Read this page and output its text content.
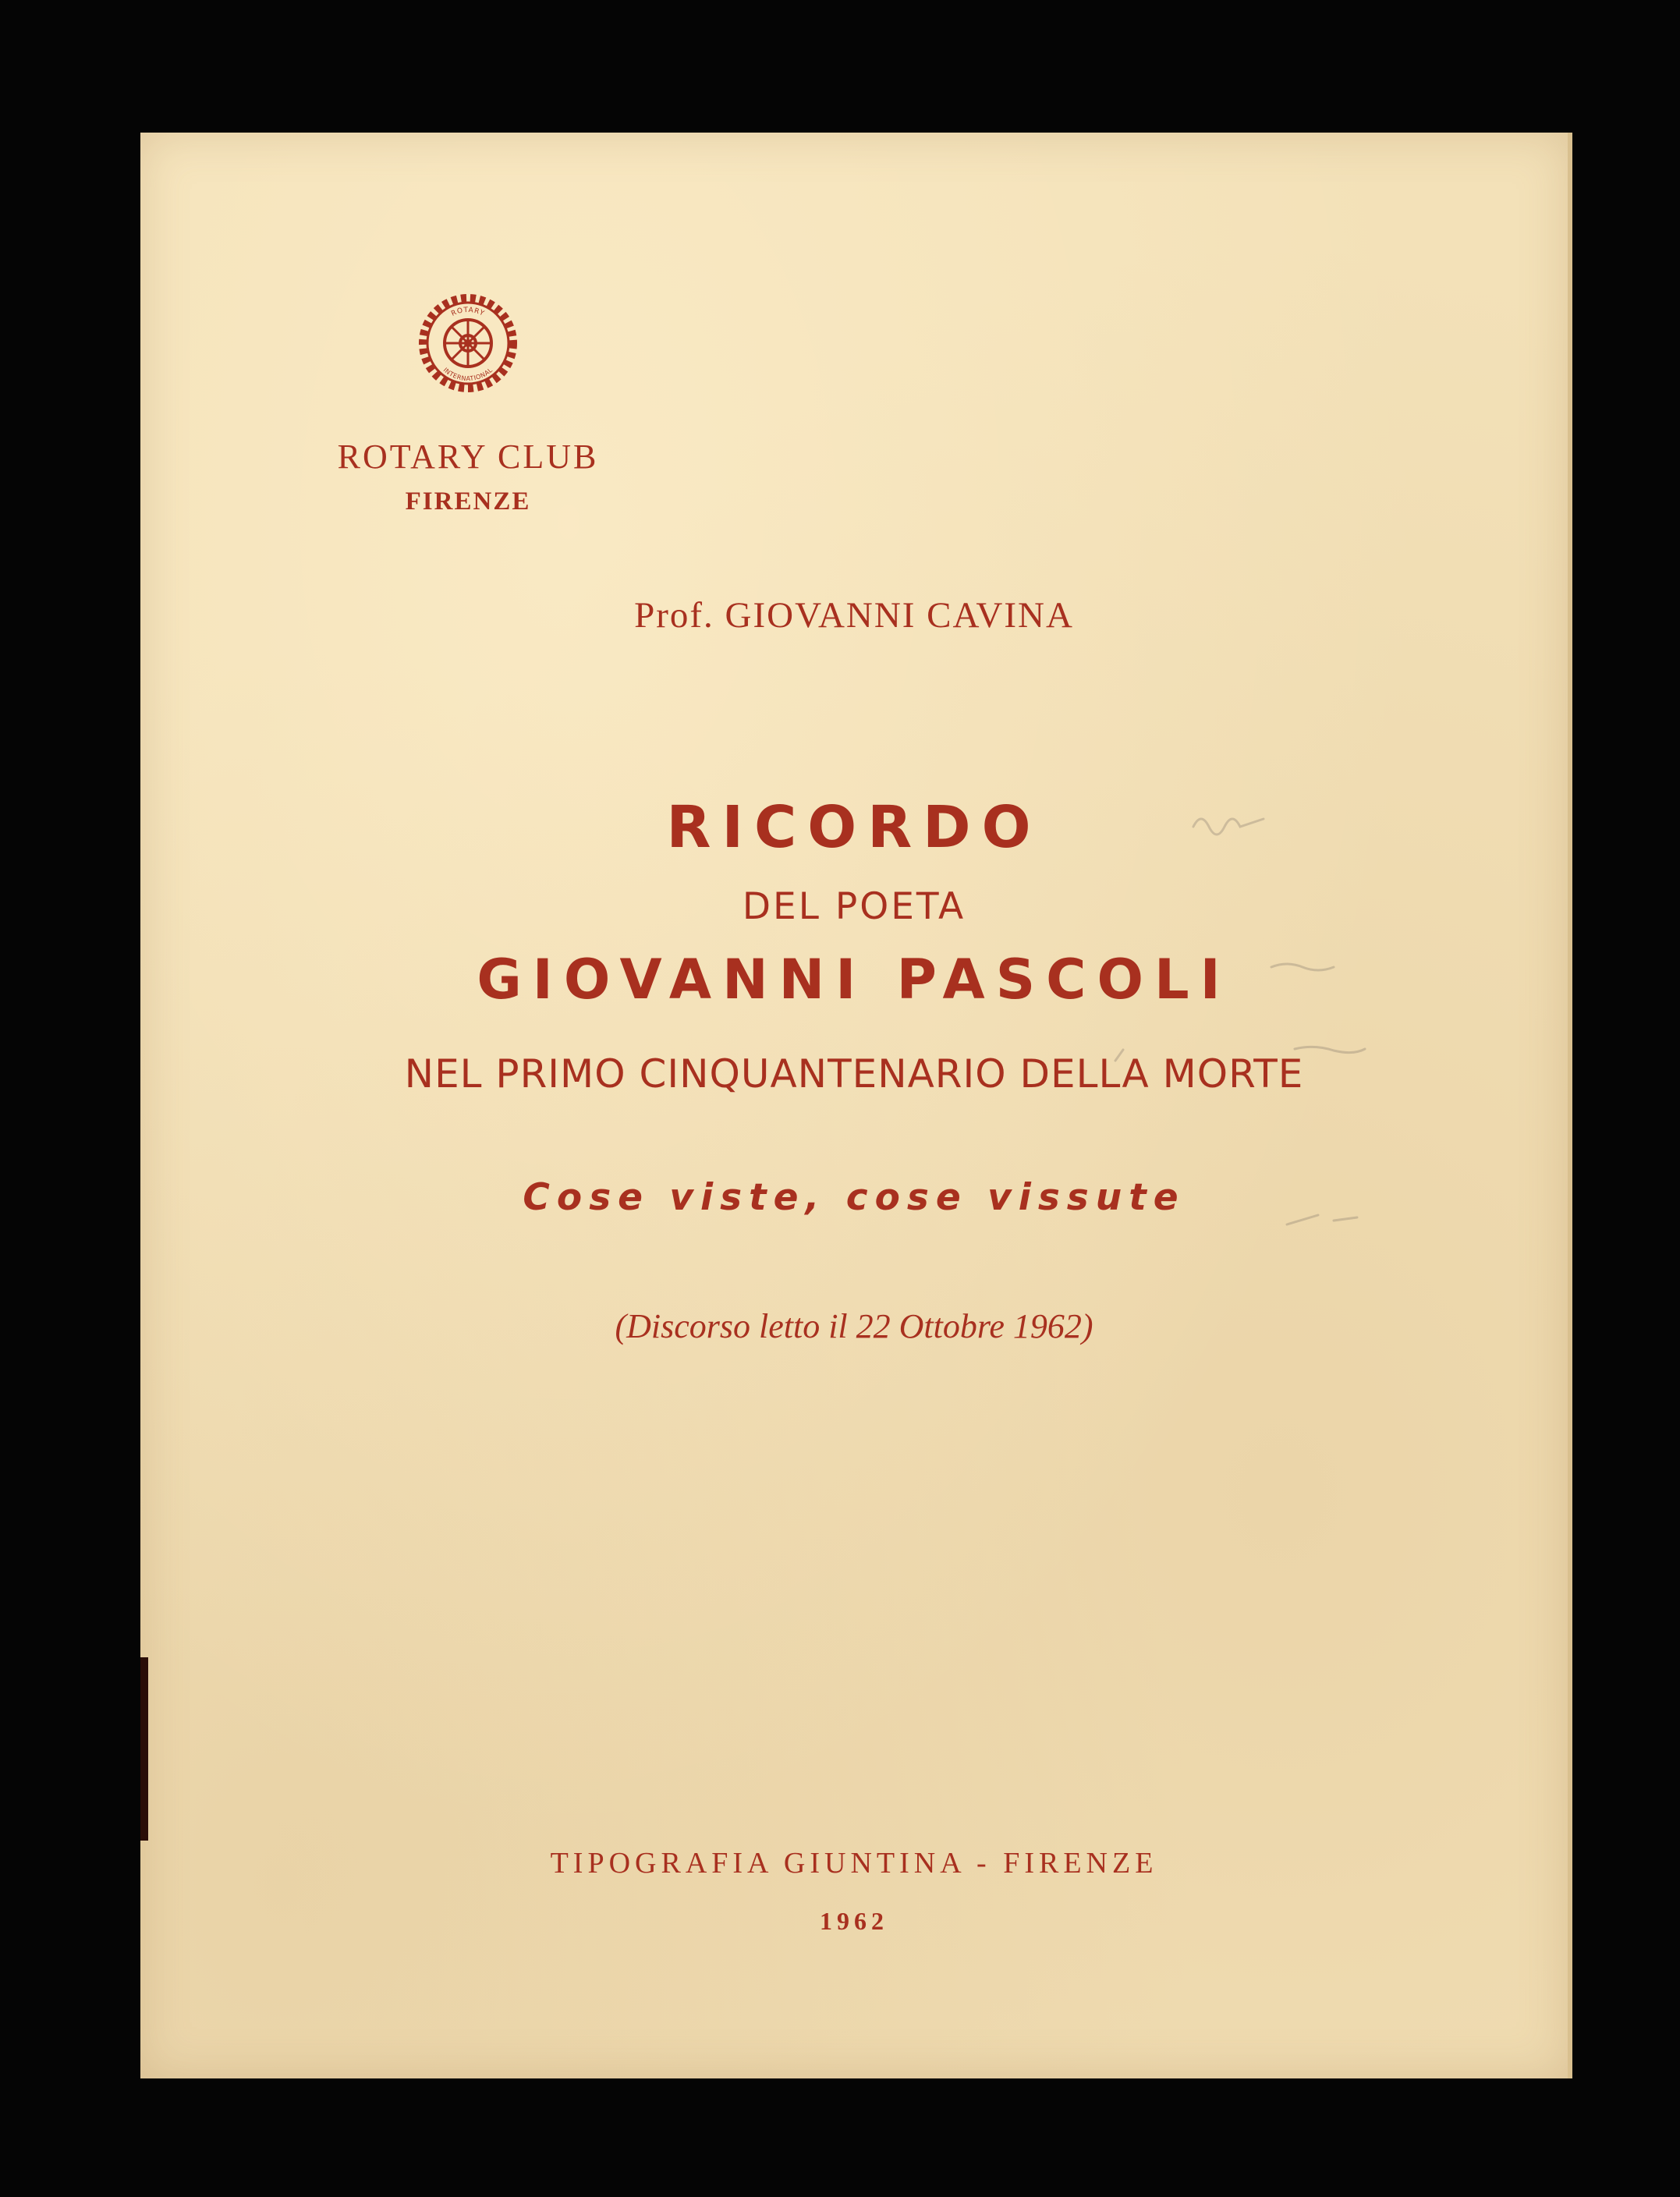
ROTARY
INTERNATIONAL
ROTARY CLUB
FIRENZE
Prof. GIOVANNI CAVINA
RICORDO
DEL POETA
GIOVANNI PASCOLI
NEL PRIMO CINQUANTENARIO DELLA MORTE
Cose viste, cose vissute
(Discorso letto il 22 Ottobre 1962)
TIPOGRAFIA GIUNTINA - FIRENZE
1962
